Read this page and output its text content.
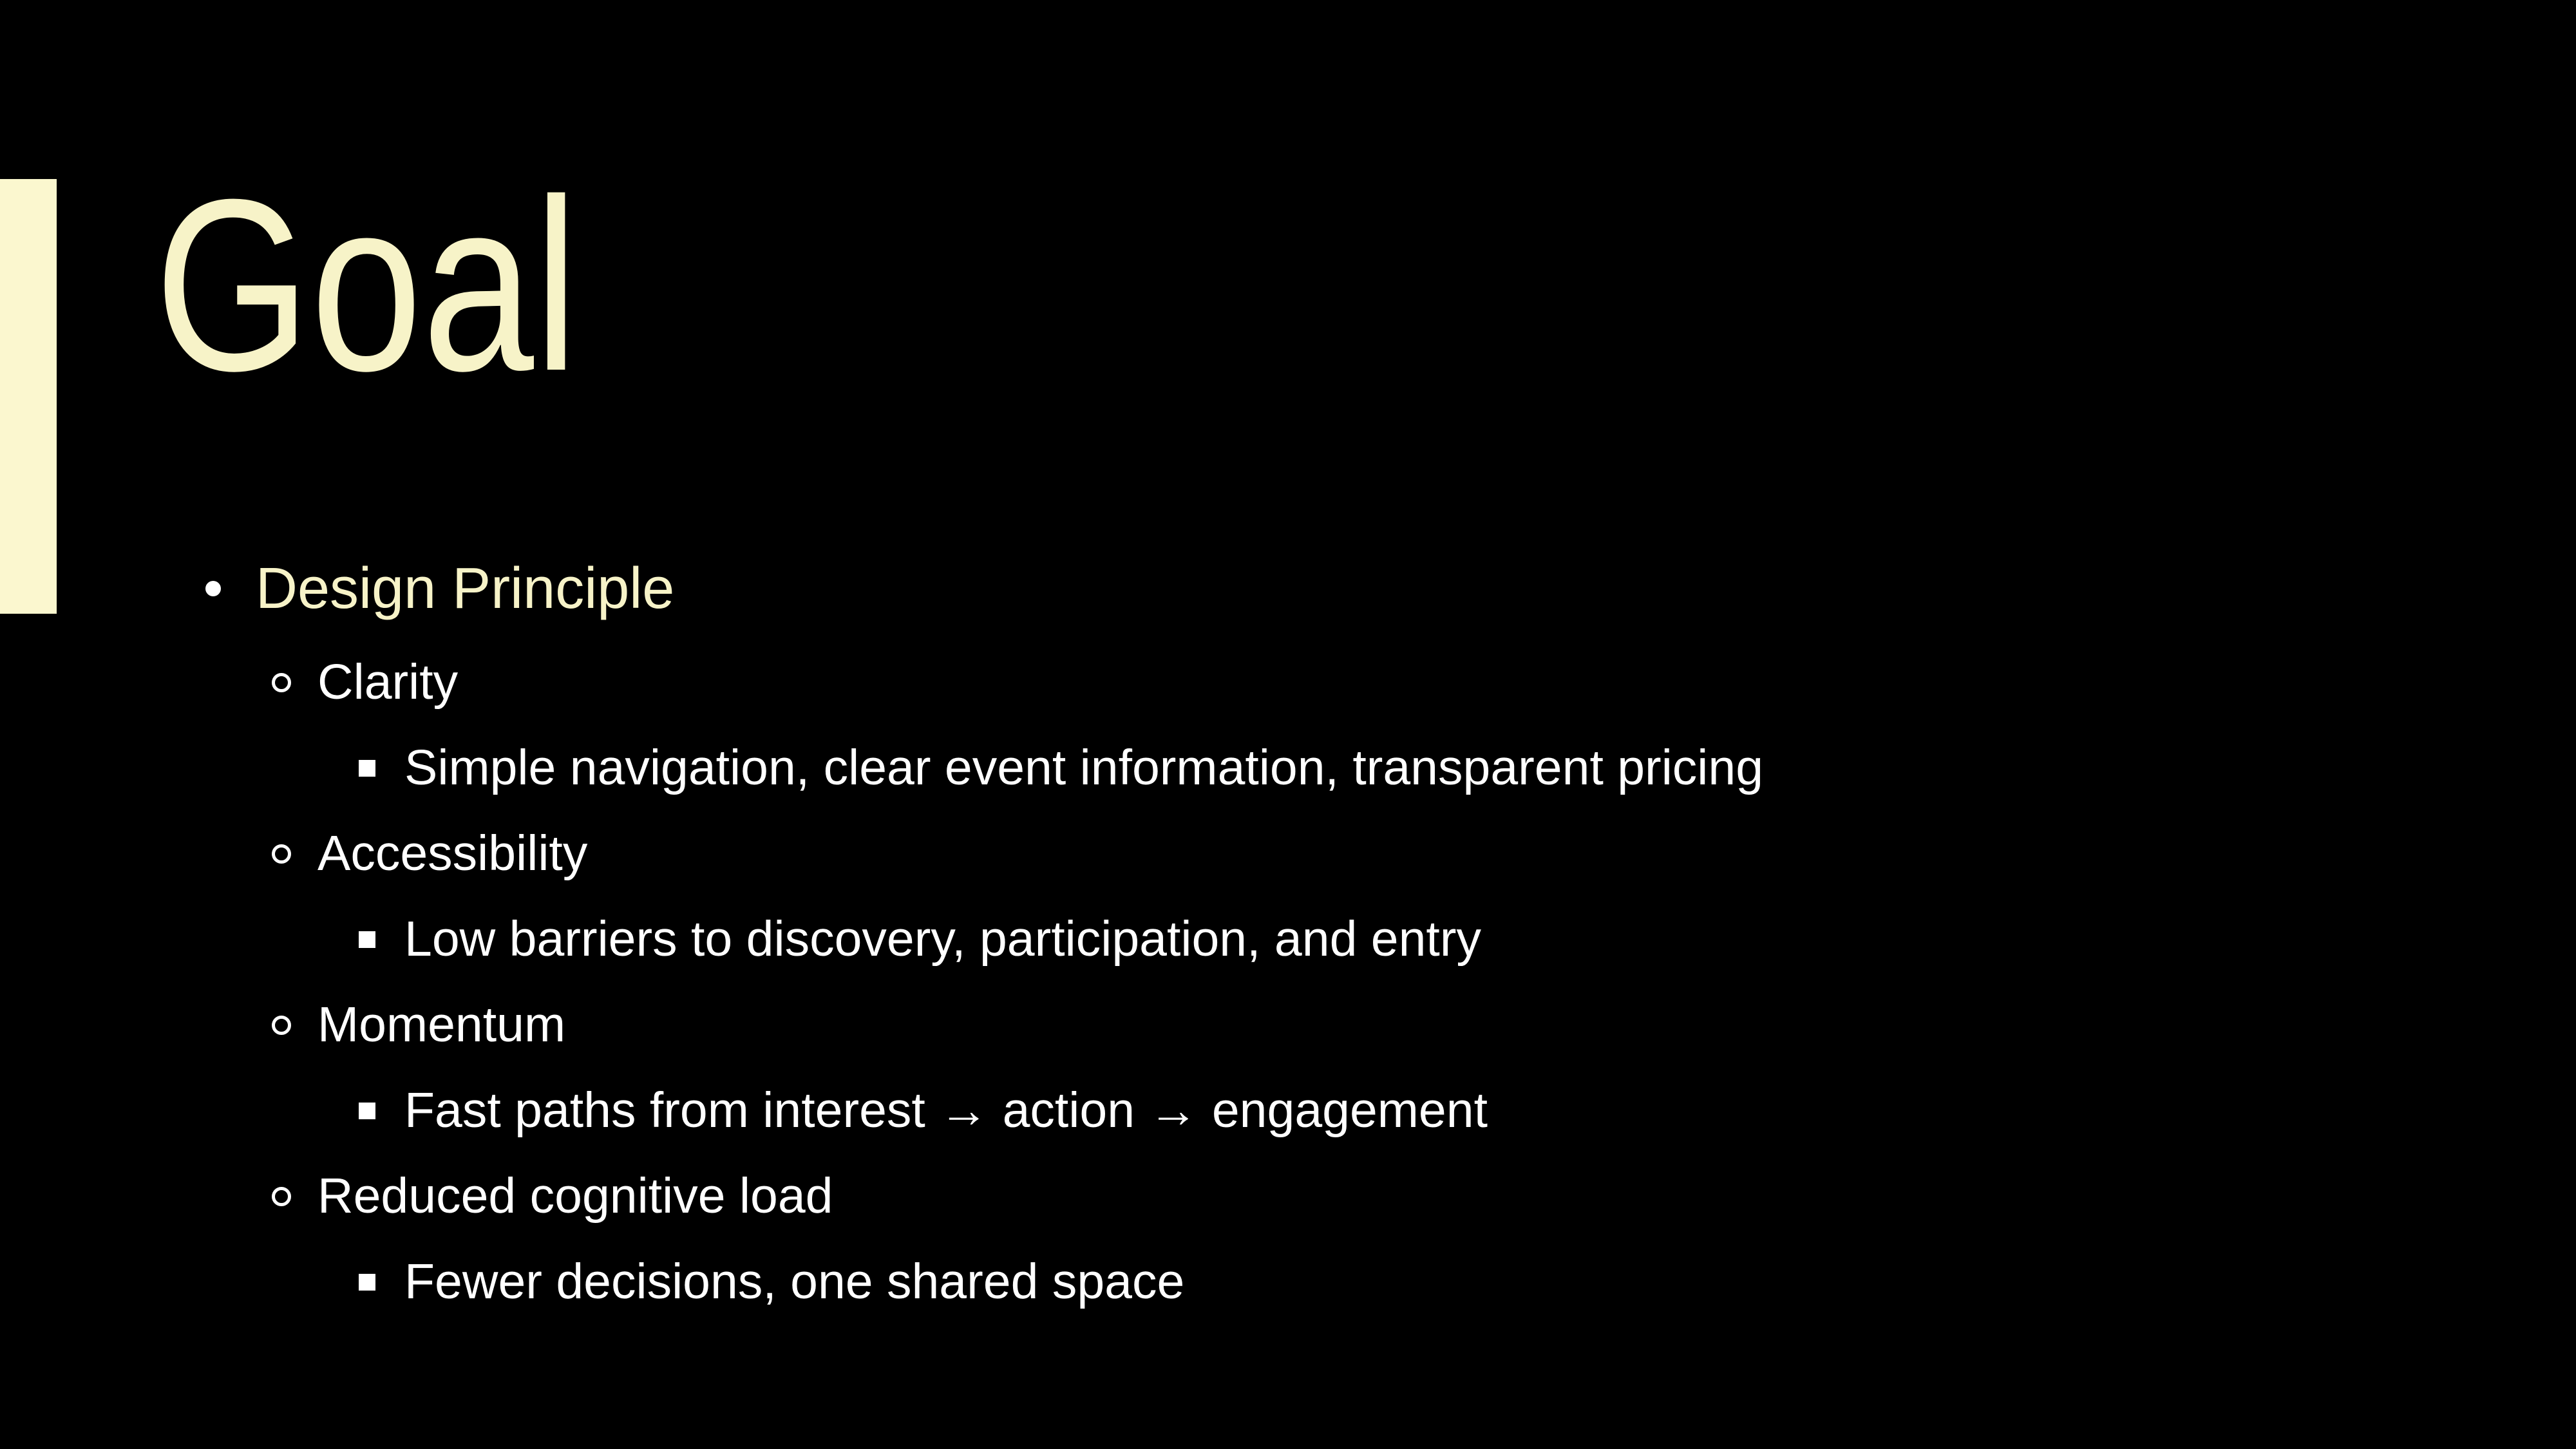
Goal
Design Principle
Clarity
Simple navigation, clear event information, transparent pricing
Accessibility
Low barriers to discovery, participation, and entry
Momentum
Fast paths from interest → action → engagement
Reduced cognitive load
Fewer decisions, one shared space
